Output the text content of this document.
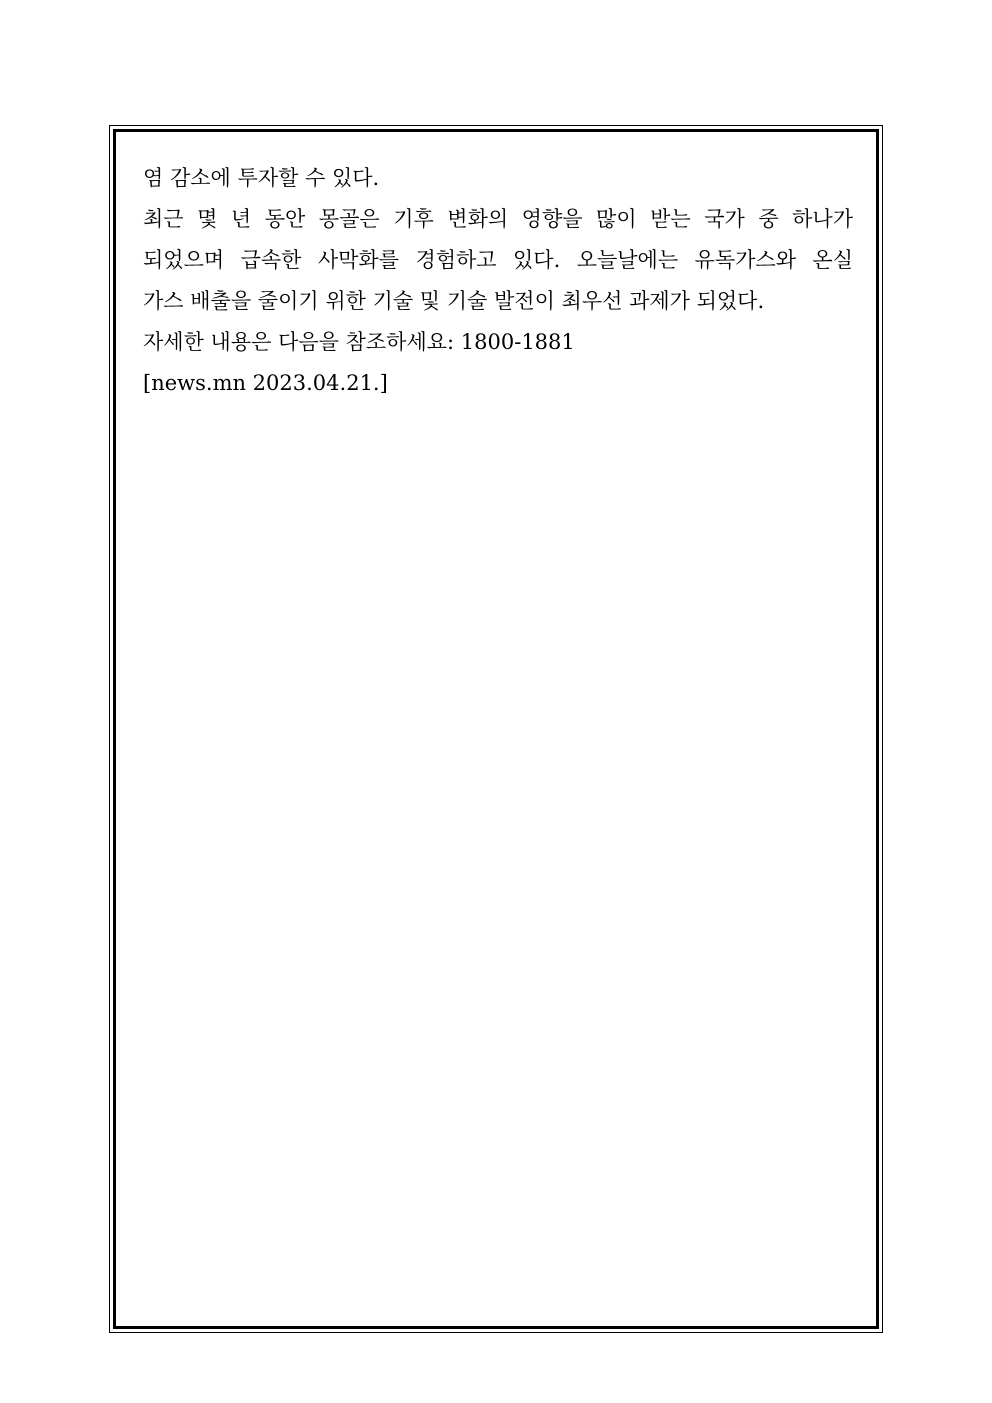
염 감소에 투자할 수 있다.
최근 몇 년 동안 몽골은 기후 변화의 영향을 많이 받는 국가 중 하나가
되었으며 급속한 사막화를 경험하고 있다. 오늘날에는 유독가스와 온실
가스 배출을 줄이기 위한 기술 및 기술 발전이 최우선 과제가 되었다.
자세한 내용은 다음을 참조하세요: 1800-1881
[news.mn 2023.04.21.]
